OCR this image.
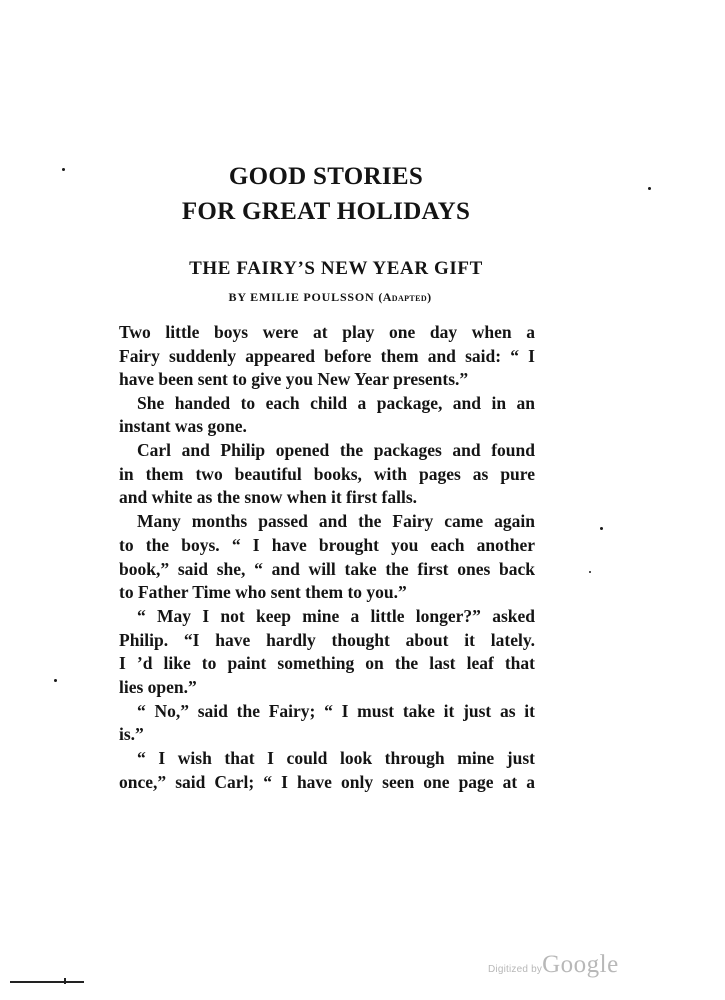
GOOD STORIES
FOR GREAT HOLIDAYS
THE FAIRY’S NEW YEAR GIFT
BY EMILIE POULSSON (Adapted)
Two little boys were at play one day when a
Fairy suddenly appeared before them and said: “ I
have been sent to give you New Year presents.”
She handed to each child a package, and in an
instant was gone.
Carl and Philip opened the packages and found
in them two beautiful books, with pages as pure
and white as the snow when it first falls.
Many months passed and the Fairy came again
to the boys. “ I have brought you each another
book,” said she, “ and will take the first ones back
to Father Time who sent them to you.”
“ May I not keep mine a little longer?” asked
Philip. “I have hardly thought about it lately.
I ’d like to paint something on the last leaf that
lies open.”
“ No,” said the Fairy; “ I must take it just as it
is.”
“ I wish that I could look through mine just
once,” said Carl; “ I have only seen one page at a
Digitized byGoogle
